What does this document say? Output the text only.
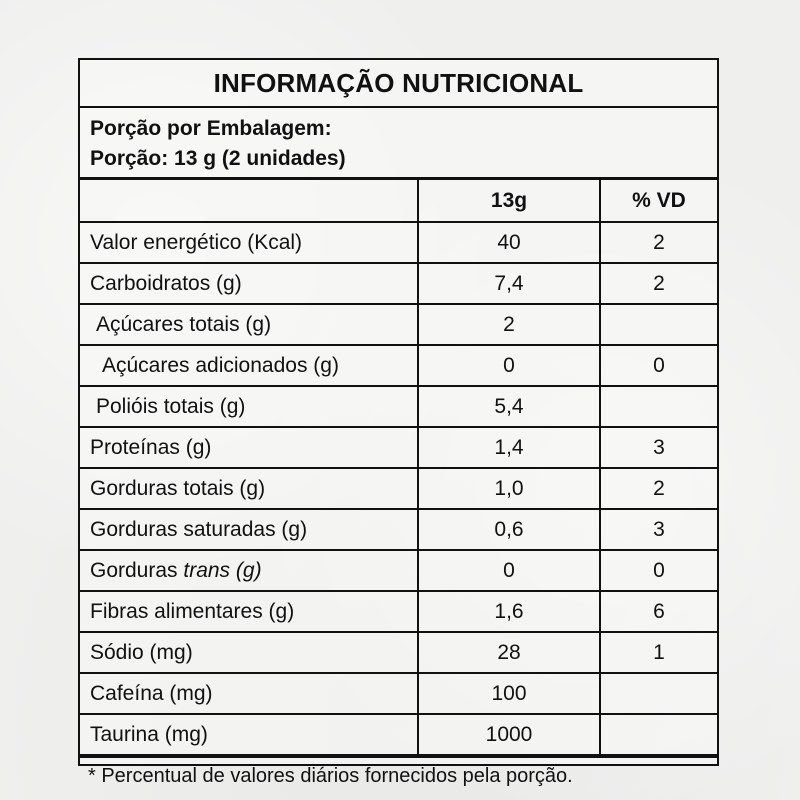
INFORMAÇÃO NUTRICIONAL
Porção por Embalagem:
Porção: 13 g (2 unidades)
	13g	% VD
Valor energético (Kcal)	40	2
Carboidratos (g)	7,4	2
Açúcares totais (g)	2	
Açúcares adicionados (g)	0	0
Polióis totais (g)	5,4	
Proteínas (g)	1,4	3
Gorduras totais (g)	1,0	2
Gorduras saturadas (g)	0,6	3
Gorduras trans (g)	0	0
Fibras alimentares (g)	1,6	6
Sódio (mg)	28	1
Cafeína (mg)	100	
Taurina (mg)	1000	
* Percentual de valores diários fornecidos pela porção.
